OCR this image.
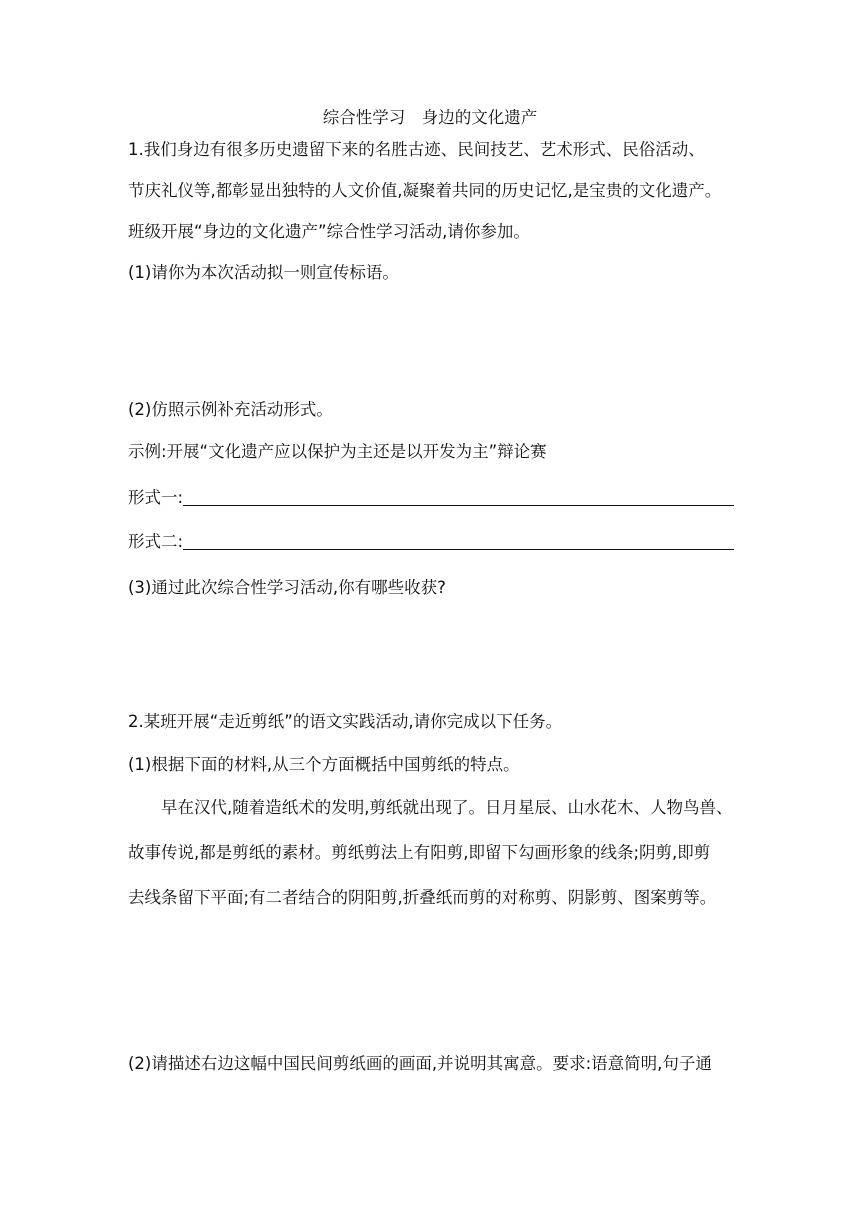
综合性学习　身边的文化遗产
1.我们身边有很多历史遗留下来的名胜古迹、民间技艺、艺术形式、民俗活动、
节庆礼仪等,都彰显出独特的人文价值,凝聚着共同的历史记忆,是宝贵的文化遗产。
班级开展“身边的文化遗产”综合性学习活动,请你参加。
(1)请你为本次活动拟一则宣传标语。
(2)仿照示例补充活动形式。
示例:开展“文化遗产应以保护为主还是以开发为主”辩论赛
形式一:
形式二:
(3)通过此次综合性学习活动,你有哪些收获?
2.某班开展“走近剪纸”的语文实践活动,请你完成以下任务。
(1)根据下面的材料,从三个方面概括中国剪纸的特点。
早在汉代,随着造纸术的发明,剪纸就出现了。日月星辰、山水花木、人物鸟兽、
故事传说,都是剪纸的素材。剪纸剪法上有阳剪,即留下勾画形象的线条;阴剪,即剪
去线条留下平面;有二者结合的阴阳剪,折叠纸而剪的对称剪、阴影剪、图案剪等。
(2)请描述右边这幅中国民间剪纸画的画面,并说明其寓意。要求:语意简明,句子通
